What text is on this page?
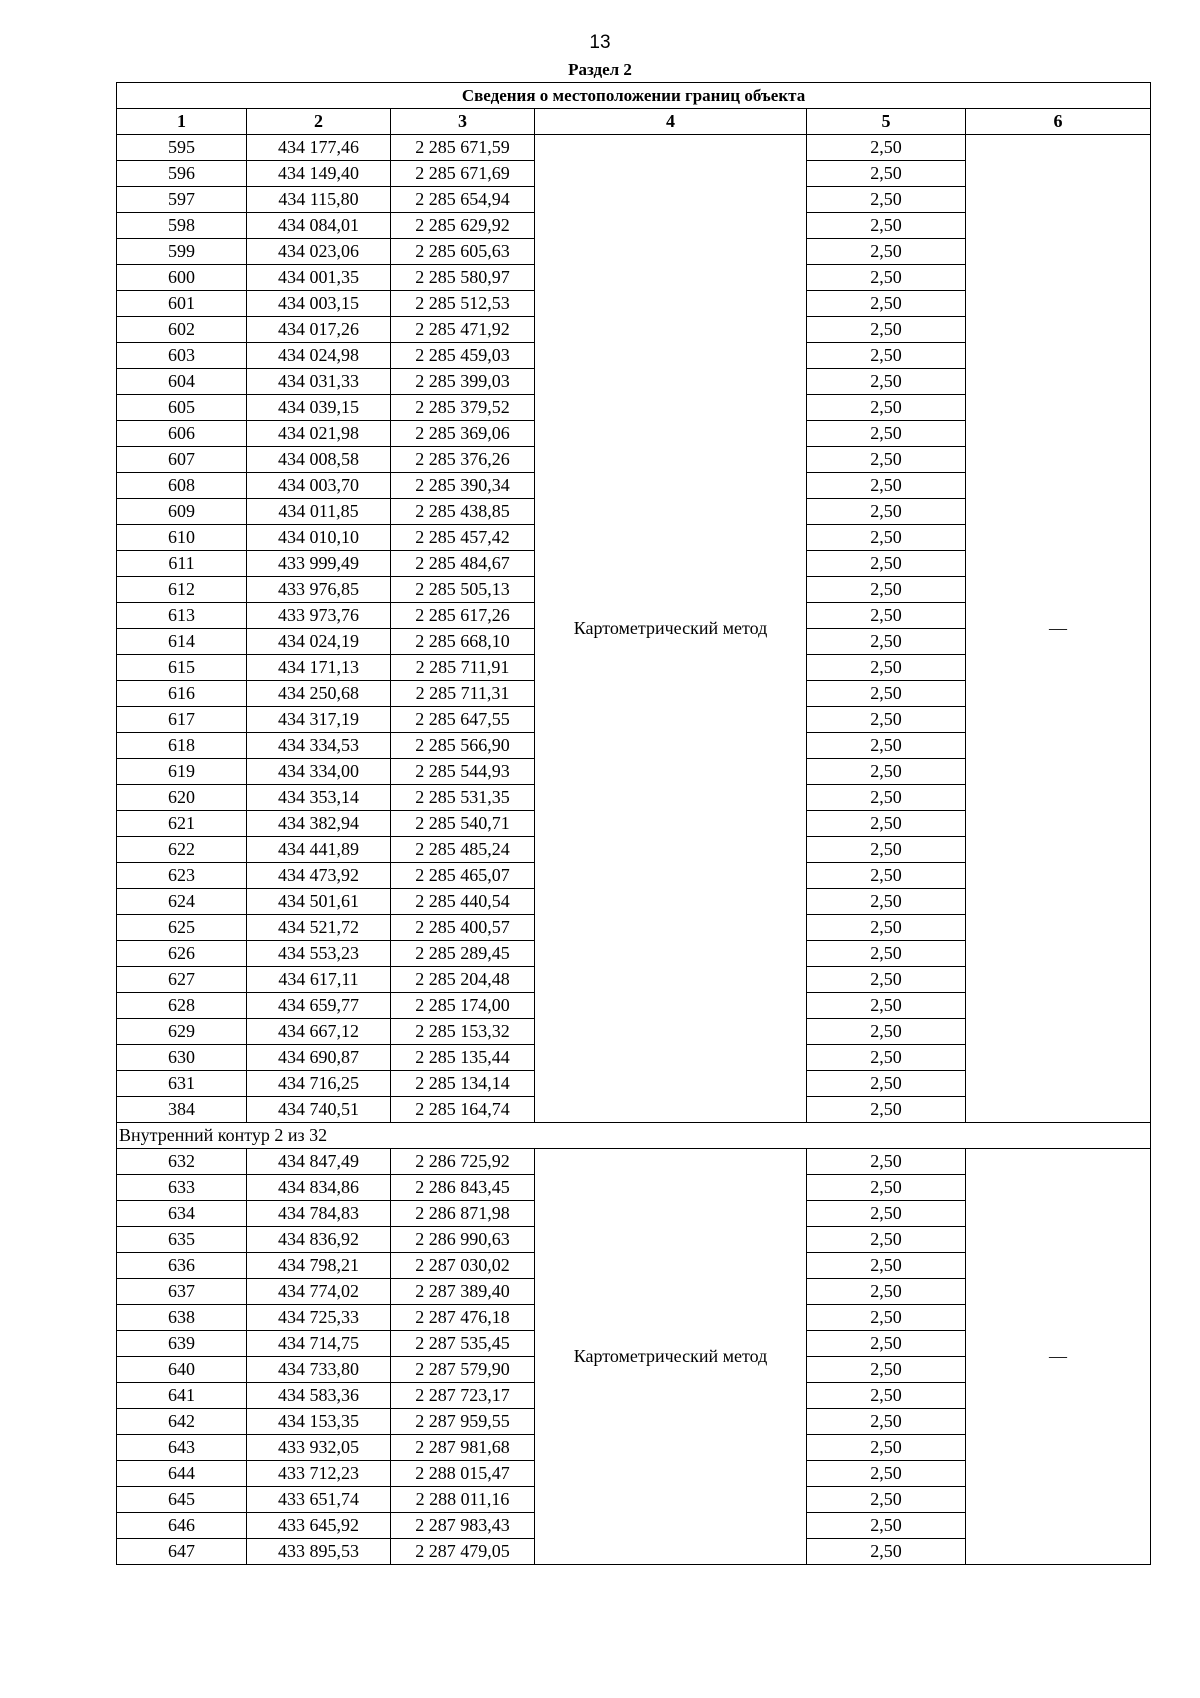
13
Раздел 2
Сведения о местоположении границ объекта					
1	2	3	4	5	6
595	434 177,46	2 285 671,59	Картометрический метод	2,50	—
596	434 149,40	2 285 671,69		2,50	
597	434 115,80	2 285 654,94		2,50	
598	434 084,01	2 285 629,92		2,50	
599	434 023,06	2 285 605,63		2,50	
600	434 001,35	2 285 580,97		2,50	
601	434 003,15	2 285 512,53		2,50	
602	434 017,26	2 285 471,92		2,50	
603	434 024,98	2 285 459,03		2,50	
604	434 031,33	2 285 399,03		2,50	
605	434 039,15	2 285 379,52		2,50	
606	434 021,98	2 285 369,06		2,50	
607	434 008,58	2 285 376,26		2,50	
608	434 003,70	2 285 390,34		2,50	
609	434 011,85	2 285 438,85		2,50	
610	434 010,10	2 285 457,42		2,50	
611	433 999,49	2 285 484,67		2,50	
612	433 976,85	2 285 505,13		2,50	
613	433 973,76	2 285 617,26		2,50	
614	434 024,19	2 285 668,10		2,50	
615	434 171,13	2 285 711,91		2,50	
616	434 250,68	2 285 711,31		2,50	
617	434 317,19	2 285 647,55		2,50	
618	434 334,53	2 285 566,90		2,50	
619	434 334,00	2 285 544,93		2,50	
620	434 353,14	2 285 531,35		2,50	
621	434 382,94	2 285 540,71		2,50	
622	434 441,89	2 285 485,24		2,50	
623	434 473,92	2 285 465,07		2,50	
624	434 501,61	2 285 440,54		2,50	
625	434 521,72	2 285 400,57		2,50	
626	434 553,23	2 285 289,45		2,50	
627	434 617,11	2 285 204,48		2,50	
628	434 659,77	2 285 174,00		2,50	
629	434 667,12	2 285 153,32		2,50	
630	434 690,87	2 285 135,44		2,50	
631	434 716,25	2 285 134,14		2,50	
384	434 740,51	2 285 164,74		2,50	
Внутренний контур 2 из 32					
632	434 847,49	2 286 725,92	Картометрический метод	2,50	—
633	434 834,86	2 286 843,45		2,50	
634	434 784,83	2 286 871,98		2,50	
635	434 836,92	2 286 990,63		2,50	
636	434 798,21	2 287 030,02		2,50	
637	434 774,02	2 287 389,40		2,50	
638	434 725,33	2 287 476,18		2,50	
639	434 714,75	2 287 535,45		2,50	
640	434 733,80	2 287 579,90		2,50	
641	434 583,36	2 287 723,17		2,50	
642	434 153,35	2 287 959,55		2,50	
643	433 932,05	2 287 981,68		2,50	
644	433 712,23	2 288 015,47		2,50	
645	433 651,74	2 288 011,16		2,50	
646	433 645,92	2 287 983,43		2,50	
647	433 895,53	2 287 479,05		2,50	
